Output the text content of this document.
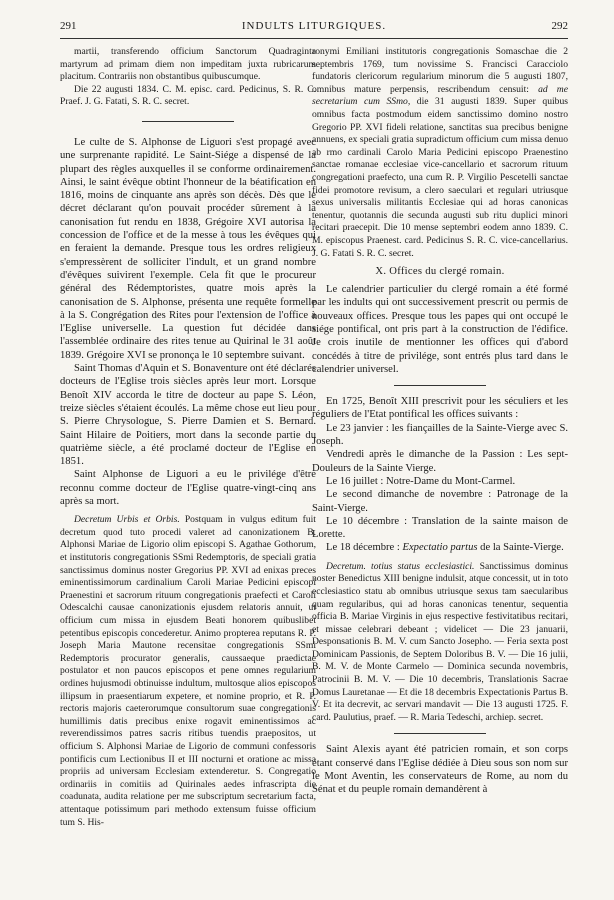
291	INDULTS LITURGIQUES.	292

martii, transferendo officium Sanctorum Quadraginta martyrum ad primam diem non impeditam juxta rubricarum placitum. Contrariis non obstantibus quibuscumque.

Die 22 augusti 1834. C. M. episc. card. Pedicinus, S. R. C. Praef. J. G. Fatati, S. R. C. secret.

Le culte de S. Alphonse de Liguori s'est propagé avec une surprenante rapidité. Le Saint-Siége a dispensé de la plupart des règles auxquelles il se conforme ordinairement. Ainsi, le saint évêque obtint l'honneur de la béatification en 1816, moins de cinquante ans après son décès. Dès que le décret déclarant qu'on pouvait procéder sûrement à la canonisation fut rendu en 1838, Grégoire XVI autorisa la concession de l'office et de la messe à tous les évêques qui en feraient la demande. Presque tous les ordres religieux s'empressèrent de solliciter l'indult, et un grand nombre d'évêques suivirent l'exemple. Cela fit que le procureur général des Rédemptoristes, quatre mois après la canonisation de S. Alphonse, présenta une requête formelle à la S. Congrégation des Rites pour l'extension de l'office à l'Eglise universelle. La question fut décidée dans l'assemblée ordinaire des rites tenue au Quirinal le 31 août 1839. Grégoire XVI se prononça le 10 septembre suivant.

Saint Thomas d'Aquin et S. Bonaventure ont été déclarés docteurs de l'Eglise trois siècles après leur mort. Lorsque Benoît XIV accorda le titre de docteur au pape S. Léon, treize siècles s'étaient écoulés. La même chose eut lieu pour S. Pierre Chrysologue, S. Pierre Damien et S. Bernard. Saint Hilaire de Poitiers, mort dans la seconde partie du quatrième siècle, a été proclamé docteur de l'Eglise en 1851.

Saint Alphonse de Liguori a eu le privilége d'être reconnu comme docteur de l'Eglise quatre-vingt-cinq ans après sa mort.

Decretum Urbis et Orbis. Postquam in vulgus editum fuit decretum quod tuto procedi valeret ad canonizationem B. Alphonsi Mariae de Ligorio olim episcopi S. Agathae Gothorum, et institutoris congregationis SSmi Redemptoris, de speciali gratia sanctissimus dominus noster Gregorius PP. XVI ad enixas preces eminentissimorum cardinalium Caroli Mariae Pedicini episcopi Praenestini et sacrorum rituum congregationis praefecti et Caroli Odescalchi causae canonizationis ejusdem relatoris annuit, ut officium cum missa in ejusdem Beati honorem quibuslibet petentibus episcopis concederetur. Animo propterea reputans R. P. Joseph Maria Mautone recensitae congregationis SSmi Redemptoris procurator generalis, caussaeque praedictae postulator et non paucos episcopos et pene omnes regularium ordines hujusmodi obtinuisse indultum, multosque alios episcopos illipsum in praesentiarum expetere, et nomine proprio, et R. P. rectoris majoris caeterorumque consultorum suae congregationis humillimis datis precibus enixe rogavit eminentissimos ac reverendissimos patres sacris ritibus tuendis praepositos, ut officium S. Alphonsi Mariae de Ligorio de communi confessoris pontificis cum Lectionibus II et III nocturni et oratione ac missa propriis ad universam Ecclesiam extenderetur. S. Congregatio ordinariis in comitiis ad Quirinales aedes infrascripta die coadunata, audita relatione per me subscriptum secretarium facta, attentaque potissimum pari methodo extensum fuisse officium tum S. His-

ronymi Emiliani institutoris congregationis Somaschae die 2 septembris 1769, tum novissime S. Francisci Caracciolo fundatoris clericorum regularium minorum die 5 augusti 1807, omnibus mature perpensis, rescribendum censuit: ad me secretarium cum SSmo, die 31 augusti 1839. Super quibus omnibus facta postmodum eidem sanctissimo domino nostro Gregorio PP. XVI fideli relatione, sanctitas sua precibus benigne annuens, ex speciali gratia supradictum officium cum missa denuo ab rmo cardinali Carolo Maria Pedicini episcopo Praenestino sanctae romanae ecclesiae vice-cancellario et sacrorum rituum congregationi praefecto, una cum R. P. Virgilio Pescetelli sanctae fidei promotore revisum, a clero saeculari et regulari utriusque sexus universalis militantis Ecclesiae qui ad horas canonicas tenentur, quotannis die secunda augusti sub ritu duplici minori recitari praecepit. Die 10 mense septembri eodem anno 1839. C. M. episcopus Praenest. card. Pedicinus S. R. C. vice-cancellarius. J. G. Fatati S. R. C. secret.

X. Offices du clergé romain.

Le calendrier particulier du clergé romain a été formé par les indults qui ont successivement prescrit ou permis de nouveaux offices. Presque tous les papes qui ont occupé le siége pontifical, ont pris part à la construction de l'édifice. Je crois inutile de mentionner les offices qui d'abord concédés à titre de privilége, sont entrés plus tard dans le calendrier universel.

En 1725, Benoît XIII prescrivit pour les séculiers et les réguliers de l'Etat pontifical les offices suivants :

Le 23 janvier : les fiançailles de la Sainte-Vierge avec S. Joseph.

Vendredi après le dimanche de la Passion : Les sept-Douleurs de la Sainte Vierge.

Le 16 juillet : Notre-Dame du Mont-Carmel.

Le second dimanche de novembre : Patronage de la Saint-Vierge.

Le 10 décembre : Translation de la sainte maison de Lorette.

Le 18 décembre : Expectatio partus de la Sainte-Vierge.

Decretum. totius status ecclesiastici. Sanctissimus dominus noster Benedictus XIII benigne indulsit, atque concessit, ut in toto ecclesiastico statu ab omnibus utriusque sexus tam saecularibus quam regularibus, qui ad horas canonicas tenentur, sequentia officia B. Mariae Virginis in ejus respective festivitatibus recitari, et missae celebrari debeant ; videlicet — Die 23 januarii, Desponsationis B. M. V. cum Sancto Josepho. — Feria sexta post Dominicam Passionis, de Septem Doloribus B. V. — Die 16 julii, B. M. V. de Monte Carmelo — Dominica secunda novembris, Patrocinii B. M. V. — Die 10 decembris, Translationis Sacrae Domus Lauretanae — Et die 18 decembris Expectationis Partus B. V. Et ita decrevit, ac servari mandavit — Die 13 augusti 1725. F. card. Paulutius, praef. — R. Maria Tedeschi, archiep. secret.

Saint Alexis ayant été patricien romain, et son corps étant conservé dans l'Eglise dédiée à Dieu sous son nom sur le Mont Aventin, les conservateurs de Rome, au nom du Sénat et du peuple romain demandèrent à
